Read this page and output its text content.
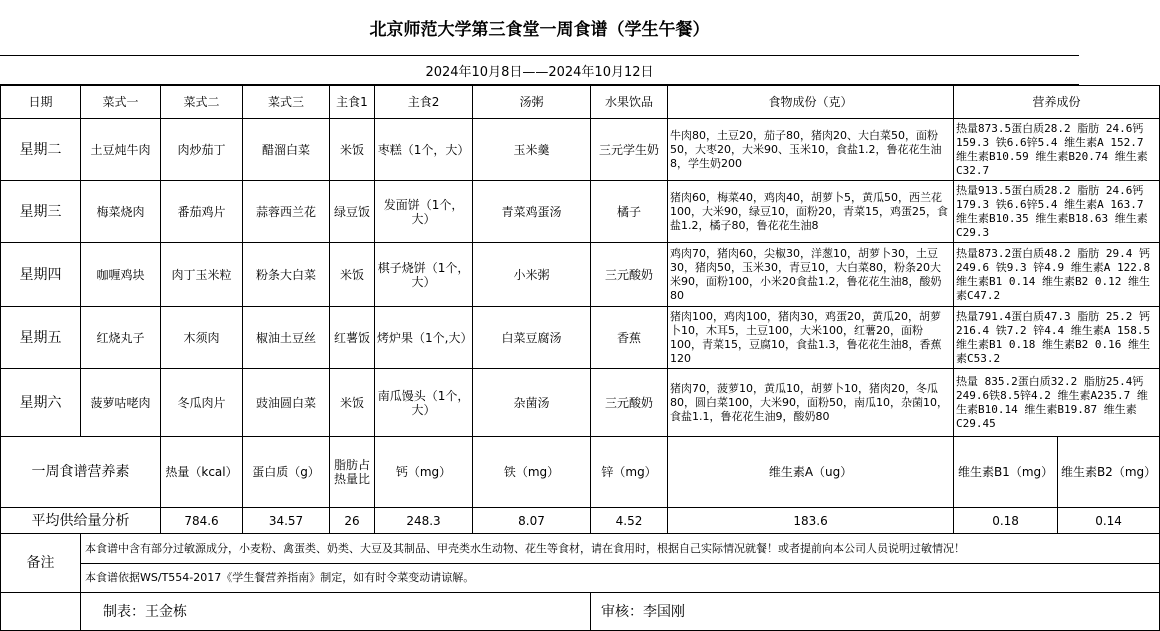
北京师范大学第三食堂一周食谱（学生午餐）
2024年10月8日——2024年10月12日
日期	菜式一	菜式二	菜式三	主食1	主食2	汤粥	水果饮品	食物成份（克）	营养成份		
星期二	土豆炖牛肉	肉炒茄丁	醋溜白菜	米饭	枣糕（1个，大）	玉米羹	三元学生奶	牛肉80，土豆20，茄子80，猪肉20、大白菜50，面粉50，大枣20，大米90、玉米10，食盐1.2，鲁花花生油8，学生奶200	热量873.5蛋白质28.2 脂肪 24.6钙159.3 铁6.6锌5.4 维生素A 152.7 维生素B10.59 维生素B20.74 维生素C32.7		
星期三	梅菜烧肉	番茄鸡片	蒜蓉西兰花	绿豆饭	发面饼（1个，大）	青菜鸡蛋汤	橘子	猪肉60，梅菜40，鸡肉40，胡萝卜5，黄瓜50，西兰花100，大米90，绿豆10，面粉20，青菜15，鸡蛋25，食盐1.2，橘子80，鲁花花生油8	热量913.5蛋白质28.2 脂肪 24.6钙179.3 铁6.6锌5.4 维生素A 163.7 维生素B10.35 维生素B18.63 维生素C29.3		
星期四	咖喱鸡块	肉丁玉米粒	粉条大白菜	米饭	棋子烧饼（1个，大）	小米粥	三元酸奶	鸡肉70，猪肉60，尖椒30，洋葱10，胡萝卜30，土豆30，猪肉50，玉米30，青豆10，大白菜80，粉条20大米90，面粉100，小米20食盐1.2，鲁花花生油8，酸奶80	热量873.2蛋白质48.2 脂肪 29.4 钙249.6 铁9.3 锌4.9 维生素A 122.8 维生素B1 0.14 维生素B2 0.12 维生素C47.2		
星期五	红烧丸子	木须肉	椒油土豆丝	红薯饭	烤炉果（1个,大）	白菜豆腐汤	香蕉	猪肉100，鸡肉100，猪肉30，鸡蛋20，黄瓜20，胡萝卜10，木耳5，土豆100，大米100，红薯20，面粉100，青菜15，豆腐10，食盐1.3，鲁花花生油8，香蕉120	热量791.4蛋白质47.3 脂肪 25.2 钙216.4 铁7.2 锌4.4 维生素A 158.5 维生素B1 0.18 维生素B2 0.16 维生素C53.2		
星期六	菠萝咕咾肉	冬瓜肉片	豉油圆白菜	米饭	南瓜馒头（1个，大）	杂菌汤	三元酸奶	猪肉70，菠萝10，黄瓜10，胡萝卜10，猪肉20，冬瓜80，圆白菜100，大米90，面粉50，南瓜10，杂菌10，食盐1.1，鲁花花生油9，酸奶80	热量 835.2蛋白质32.2 脂肪25.4钙249.6铁8.5锌4.2 维生素A235.7 维生素B10.14 维生素B19.87 维生素C29.45		
一周食谱营养素		热量（kcal）	蛋白质（g）	脂肪占热量比	钙（mg）	铁（mg）	锌（mg）	维生素A（ug）	维生素B1（mg）	维生素B2（mg）	
平均供给量分析		784.6	34.57	26	248.3	8.07	4.52	183.6	0.18	0.14	
备注	本食谱中含有部分过敏源成分，小麦粉、禽蛋类、奶类、大豆及其制品、甲壳类水生动物、花生等食材，请在食用时，根据自己实际情况就餐！或者提前向本公司人员说明过敏情况！										
	本食谱依据WS/T554-2017《学生餐营养指南》制定，如有时令菜变动请谅解。										
	制表：王金栋						审核：李国刚				
